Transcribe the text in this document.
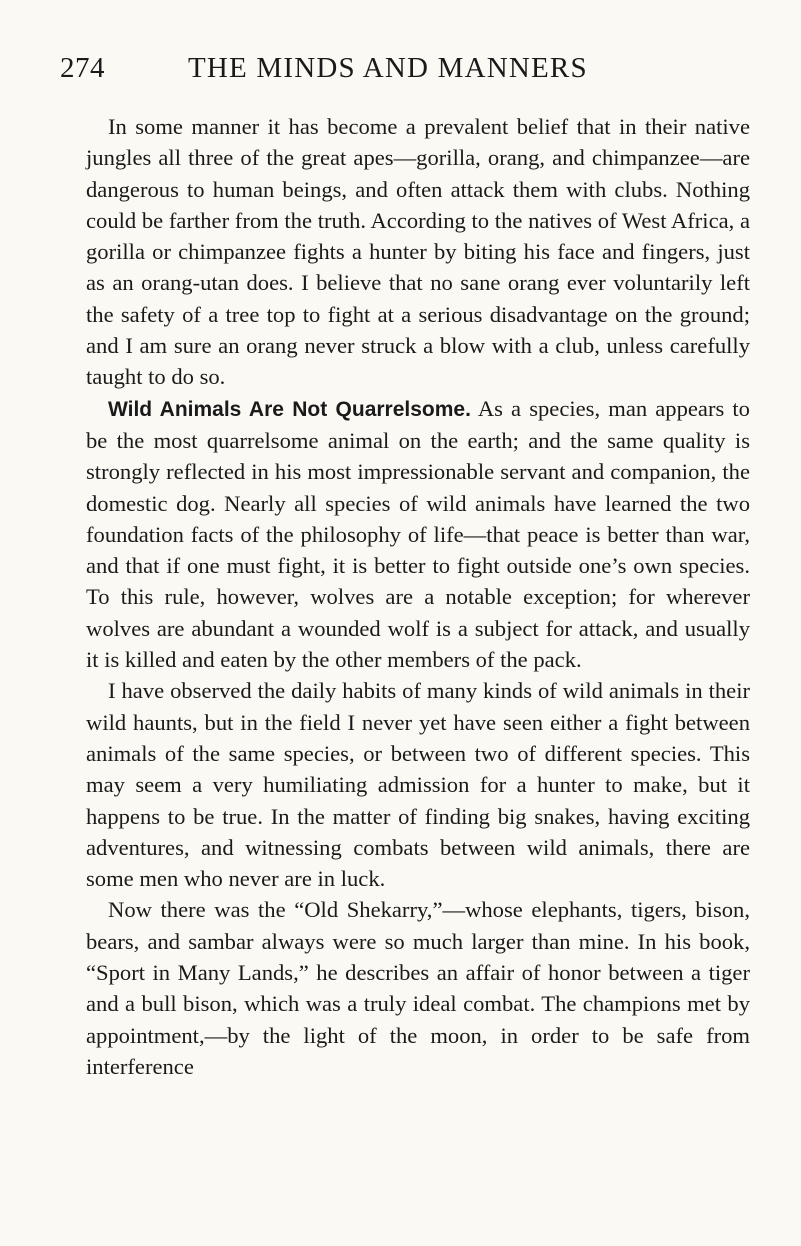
274	THE MINDS AND MANNERS

In some manner it has become a prevalent belief that in their native jungles all three of the great apes—gorilla, orang, and chimpanzee—are dangerous to human beings, and often attack them with clubs. Nothing could be farther from the truth. According to the natives of West Africa, a gorilla or chimpanzee fights a hunter by biting his face and fingers, just as an orang-utan does. I believe that no sane orang ever voluntarily left the safety of a tree top to fight at a serious disadvantage on the ground; and I am sure an orang never struck a blow with a club, unless carefully taught to do so.

Wild Animals Are Not Quarrelsome. As a species, man appears to be the most quarrelsome animal on the earth; and the same quality is strongly reflected in his most impressionable servant and companion, the domestic dog. Nearly all species of wild animals have learned the two foundation facts of the philosophy of life—that peace is better than war, and that if one must fight, it is better to fight outside one’s own species. To this rule, however, wolves are a notable exception; for wherever wolves are abundant a wounded wolf is a subject for attack, and usually it is killed and eaten by the other members of the pack.

I have observed the daily habits of many kinds of wild animals in their wild haunts, but in the field I never yet have seen either a fight between animals of the same species, or between two of different species. This may seem a very humiliating admission for a hunter to make, but it happens to be true. In the matter of finding big snakes, having exciting adventures, and witnessing combats between wild animals, there are some men who never are in luck.

Now there was the “Old Shekarry,”—whose elephants, tigers, bison, bears, and sambar always were so much larger than mine. In his book, “Sport in Many Lands,” he describes an affair of honor between a tiger and a bull bison, which was a truly ideal combat. The champions met by appointment,—by the light of the moon, in order to be safe from interference
